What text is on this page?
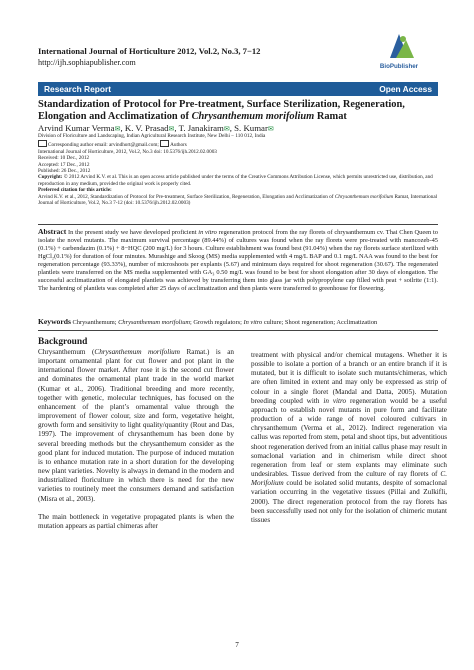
International Journal of Horticulture 2012, Vol.2, No.3, 7−12
http://ijh.sophiapublisher.com	BioPublisher
Research Report	Open Access
Standardization of Protocol for Pre-treatment, Surface Sterilization, Regeneration, Elongation and Acclimatization of Chrysanthemum morifolium Ramat
Arvind Kumar Verma✉, K. V. Prasad✉, T. Janakiram✉, S. Kumar✉
Division of Floriculture and Landscaping, Indian Agricultural Research Institute, New Delhi − 110 012, India
Corresponding author email: arvindhort@gmail.com; Authors
International Journal of Horticulture, 2012, Vol.2, No.3 doi: 10.5376/ijh.2012.02.0003
Received: 10 Dec., 2012
Accepted: 17 Dec., 2012
Published: 26 Dec., 2012
Copyright: © 2012 Arvind K.V. et al. This is an open access article published under the terms of the Creative Commons Attribution License, which permits unrestricted use, distribution, and reproduction in any medium, provided the original work is properly cited.
Preferred citation for this article:
Arvind K.V. et al., 2012, Standardization of Protocol for Pre-treatment, Surface Sterilization, Regeneration, Elongation and Acclimatization of Chrysanthemum morifolium Ramat, International Journal of Horticulture, Vol.2, No.3 7-12 (doi: 10.5376/ijh.2012.02.0003)
Abstract In the present study we have developed proficient in vitro regeneration protocol from the ray florets of chrysanthemum cv. Thai Chen Queen to isolate the novel mutants. The maximum survival percentage (89.44%) of cultures was found when the ray florets were pre-treated with mancozeb-45 (0.1%) + carbendazim (0.1%) + 8−HQC (200 mg/L) for 3 hours. Culture establishment was found best (91.04%) when the ray florets surface sterilized with HgCl₂(0.1%) for duration of four minutes. Murashige and Skoog (MS) media supplemented with 4 mg/L BAP and 0.1 mg/L NAA was found to the best for regeneration percentage (93.33%), number of microshoots per explants (5.67) and minimum days required for shoot regeneration (30.67). The regenerated plantlets were transferred on the MS media supplemented with GA₃ 0.50 mg/L was found to be best for shoot elongation after 30 days of elongation. The successful acclimatization of elongated plantlets was achieved by transferring them into glass jar with polypropylene cap filled with peat + soilrite (1:1). The hardening of plantlets was completed after 25 days of acclimatization and then plants were transferred to greenhouse for flowering.
Keywords Chrysanthemum; Chrysanthemum morifolium; Growth regulators; In vitro culture; Shoot regeneration; Acclimatization
Background

Chrysanthemum (Chrysanthemum morifolium Ramat.) is an important ornamental plant for cut flower and pot plant in the international flower market. After rose it is the second cut flower and dominates the ornamental plant trade in the world market (Kumar et al., 2006). Traditional breeding and more recently, together with genetic, molecular techniques, has focused on the enhancement of the plant’s ornamental value through the improvement of flower colour, size and form, vegetative height, growth form and sensitivity to light quality/quantity (Rout and Das, 1997). The improvement of chrysanthemum has been done by several breeding methods but the chrysanthemum consider as the good plant for induced mutation. The purpose of induced mutation is to enhance mutation rate in a short duration for the developing new plant varieties. Novelty is always in demand in the modern and industrialized floriculture in which there is need for the new varieties to routinely meet the consumers demand and satisfaction (Misra et al., 2003).

The main bottleneck in vegetative propagated plants is when the mutation appears as partial chimeras after

treatment with physical and/or chemical mutagens. Whether it is possible to isolate a portion of a branch or an entire branch if it is mutated, but it is difficult to isolate such mutants/chimeras, which are often limited in extent and may only be expressed as strip of colour in a single floret (Mandal and Datta, 2005). Mutation breeding coupled with in vitro regeneration would be a useful approach to establish novel mutants in pure form and facilitate production of a wide range of novel coloured cultivars in chrysanthemum (Verma et al., 2012). Indirect regeneration via callus was reported from stem, petal and shoot tips, but adventitious shoot regeneration derived from an initial callus phase may result in somaclonal variation and in chimerism while direct shoot regeneration from leaf or stem explants may eliminate such undesirables. Tissue derived from the culture of ray florets of C. Morifolium could be isolated solid mutants, despite of somaclonal variation occurring in the vegetative tissues (Pillai and Zulkifli, 2000). The direct regeneration protocol from the ray florets has been successfully used not only for the isolation of chimeric mutant tissues

7
